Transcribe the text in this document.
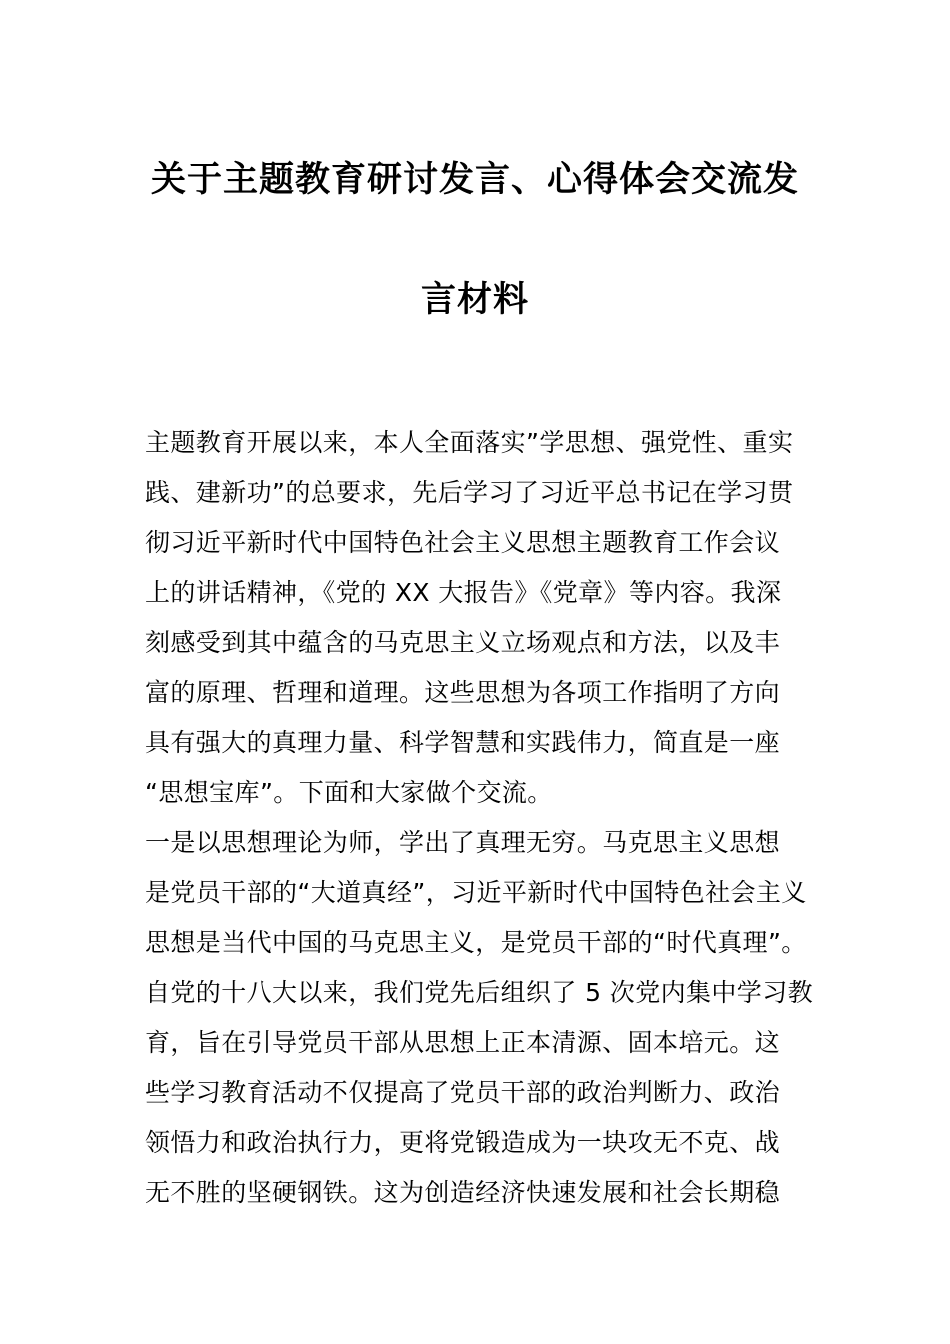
关于主题教育研讨发言、心得体会交流发
言材料
主题教育开展以来，本人全面落实”学思想、强党性、重实
践、建新功”的总要求，先后学习了习近平总书记在学习贯
彻习近平新时代中国特色社会主义思想主题教育工作会议
上的讲话精神，《党的 XX 大报告》《党章》等内容。我深
刻感受到其中蕴含的马克思主义立场观点和方法，以及丰
富的原理、哲理和道理。这些思想为各项工作指明了方向
具有强大的真理力量、科学智慧和实践伟力，简直是一座
“思想宝库”。下面和大家做个交流。
一是以思想理论为师，学出了真理无穷。马克思主义思想
是党员干部的“大道真经”，习近平新时代中国特色社会主义
思想是当代中国的马克思主义，是党员干部的“时代真理”。
自党的十八大以来，我们党先后组织了 5 次党内集中学习教
育，旨在引导党员干部从思想上正本清源、固本培元。这
些学习教育活动不仅提高了党员干部的政治判断力、政治
领悟力和政治执行力，更将党锻造成为一块攻无不克、战
无不胜的坚硬钢铁。这为创造经济快速发展和社会长期稳
